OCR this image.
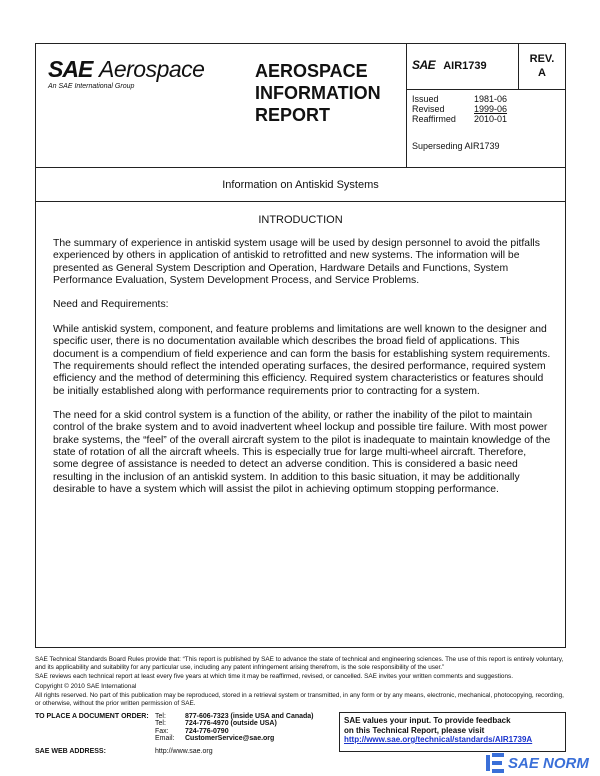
SAE Aerospace
An SAE International Group
AEROSPACE INFORMATION REPORT
SAE AIR1739
REV.
A
Issued	1981-06
Revised	1999-06
Reaffirmed	2010-01
Superseding AIR1739
Information on Antiskid Systems
INTRODUCTION

The summary of experience in antiskid system usage will be used by design personnel to avoid the pitfalls experienced by others in application of antiskid to retrofitted and new systems. The information will be presented as General System Description and Operation, Hardware Details and Functions, System Performance Evaluation, System Development Process, and Service Problems.

Need and Requirements:

While antiskid system, component, and feature problems and limitations are well known to the designer and specific user, there is no documentation available which describes the broad field of applications. This document is a compendium of field experience and can form the basis for establishing system requirements. The requirements should reflect the intended operating surfaces, the desired performance, required system efficiency and the method of determining this efficiency. Required system characteristics or features should be initially established along with performance requirements prior to contracting for a system.

The need for a skid control system is a function of the ability, or rather the inability of the pilot to maintain control of the brake system and to avoid inadvertent wheel lockup and possible tire failure. With most power brake systems, the “feel” of the overall aircraft system to the pilot is inadequate to maintain knowledge of the state of rotation of all the aircraft wheels. This is especially true for large multi-wheel aircraft. Therefore, some degree of assistance is needed to detect an adverse condition. This is considered a basic need resulting in the inclusion of an antiskid system. In addition to this basic situation, it may be additionally desirable to have a system which will assist the pilot in achieving optimum stopping performance.

SAE Technical Standards Board Rules provide that: “This report is published by SAE to advance the state of technical and engineering sciences. The use of this report is entirely voluntary, and its applicability and suitability for any particular use, including any patent infringement arising therefrom, is the sole responsibility of the user.”

SAE reviews each technical report at least every five years at which time it may be reaffirmed, revised, or cancelled. SAE invites your written comments and suggestions.

Copyright © 2010 SAE International

All rights reserved. No part of this publication may be reproduced, stored in a retrieval system or transmitted, in any form or by any means, electronic, mechanical, photocopying, recording, or otherwise, without the prior written permission of SAE.

TO PLACE A DOCUMENT ORDER: Tel:	877-606-7323 (inside USA and Canada)
Tel:	724-776-4970 (outside USA)
Fax:	724-776-0790
Email:	CustomerService@sae.org
SAE WEB ADDRESS:	http://www.sae.org
SAE values your input. To provide feedback
on this Technical Report, please visit
http://www.sae.org/technical/standards/AIR1739A
SAE NORM
